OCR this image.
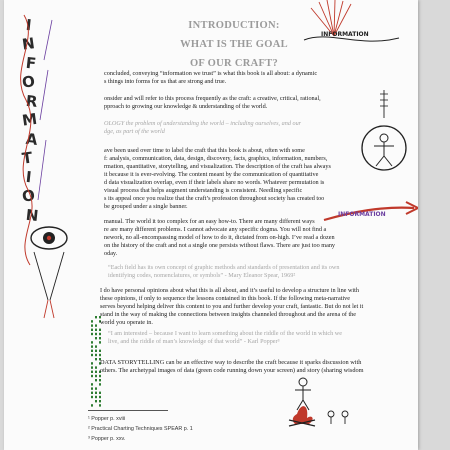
INTRODUCTION:
WHAT IS THE GOAL
OF OUR CRAFT?
I
N
F
O
R
M
A
T
I
O
N
INFORMATION
INFORMATION
concluded, conveying “information we trust” is what this book is all about: a dynamic
s things into forms for us that are strong and true.
onsider and will refer to this process frequently as the craft: a creative, critical, rational,
pproach to growing our knowledge & understanding of the world.
OLOGY the problem of understanding the world – including ourselves, and our
dge, as part of the world
ave been used over time to label the craft that this book is about, often with some
f: analysis, communication, data, design, discovery, facts, graphics, information, numbers,
rmation, quantitative, storytelling, and visualization. The description of the craft has always
it because it is ever-evolving. The content meant by the communication of quantitative
d data visualization overlap, even if their labels share no words. Whatever permutation is
visual process that helps augment understanding is consistent. Needling specific
s its appeal once you realize that the craft’s profession throughout society has created too
be grouped under a single banner.
manual. The world it too complex for an easy how-to. There are many different ways
re are many different problems. I cannot advocate any specific dogma. You will not find a
nework, no all-encompassing model of how to do it, dictated from on-high. I’ve read a dozen
on the history of the craft and not a single one persists without flaws. There are just too many
oday.
“Each field has its own concept of graphic methods and standards of presentation and its own
identifying codes, nomenclatures, or symbols” - Mary Eleanor Spear, 1969²
I do have personal opinions about what this is all about, and it’s useful to develop a structure in line with
these opinions, if only to sequence the lessons contained in this book. If the following meta-narrative
serves beyond helping deliver this content to you and further develop your craft, fantastic. But do not let it
stand in the way of making the connections between insights channeled throughout and the arena of the
world you operate in.
“I am interested – because I want to learn something about the riddle of the world in which we
live, and the riddle of man’s knowledge of that world” - Karl Popper³
DATA STORYTELLING can be an effective way to describe the craft because it sparks discussion with
others. The archetypal images of data (green code running down your screen) and story (sharing wisdom
¹ Popper p. xviii
² Practical Charting Techniques SPEAR p. 1
³ Popper p. xxv.
